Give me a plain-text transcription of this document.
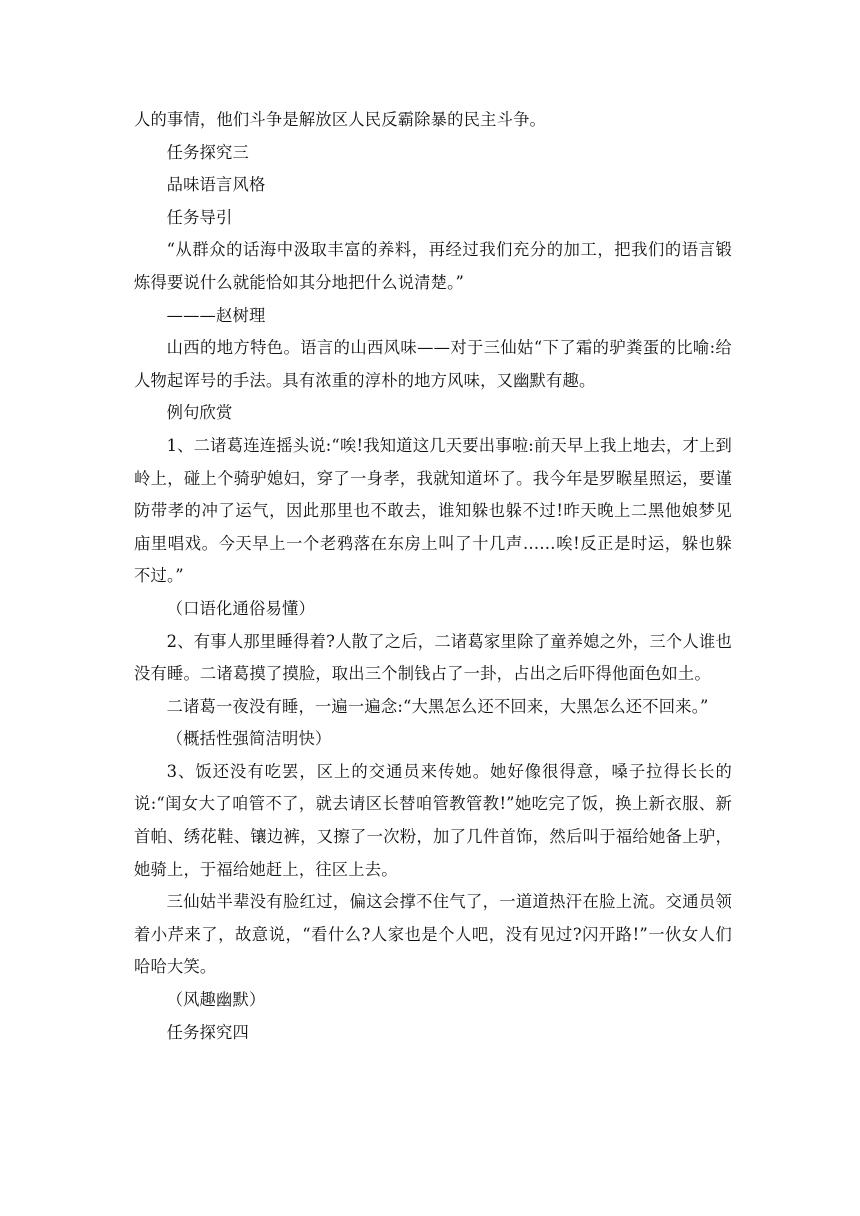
人的事情，他们斗争是解放区人民反霸除暴的民主斗争。

任务探究三

品味语言风格

任务导引

“从群众的话海中汲取丰富的养料，再经过我们充分的加工，把我们的语言锻炼得要说什么就能恰如其分地把什么说清楚。”

———赵树理

山西的地方特色。语言的山西风味——对于三仙姑“下了霜的驴粪蛋的比喻:给人物起诨号的手法。具有浓重的淳朴的地方风味，又幽默有趣。

例句欣赏

1、二诸葛连连摇头说:“唉!我知道这几天要出事啦:前天早上我上地去，才上到岭上，碰上个骑驴媳妇，穿了一身孝，我就知道坏了。我今年是罗睺星照运，要谨防带孝的冲了运气，因此那里也不敢去，谁知躲也躲不过!昨天晚上二黑他娘梦见庙里唱戏。今天早上一个老鸦落在东房上叫了十几声……唉!反正是时运，躲也躲不过。”

（口语化通俗易懂）

2、有事人那里睡得着?人散了之后，二诸葛家里除了童养媳之外，三个人谁也没有睡。二诸葛摸了摸脸，取出三个制钱占了一卦，占出之后吓得他面色如土。

二诸葛一夜没有睡，一遍一遍念:“大黑怎么还不回来，大黑怎么还不回来。”

（概括性强简洁明快）

3、饭还没有吃罢，区上的交通员来传她。她好像很得意，嗓子拉得长长的说:“闺女大了咱管不了，就去请区长替咱管教管教!”她吃完了饭，换上新衣服、新首帕、绣花鞋、镶边裤，又擦了一次粉，加了几件首饰，然后叫于福给她备上驴，她骑上，于福给她赶上，往区上去。

三仙姑半辈没有脸红过，偏这会撑不住气了，一道道热汗在脸上流。交通员领着小芹来了，故意说，“看什么?人家也是个人吧，没有见过?闪开路!”一伙女人们哈哈大笑。

（风趣幽默）

任务探究四
